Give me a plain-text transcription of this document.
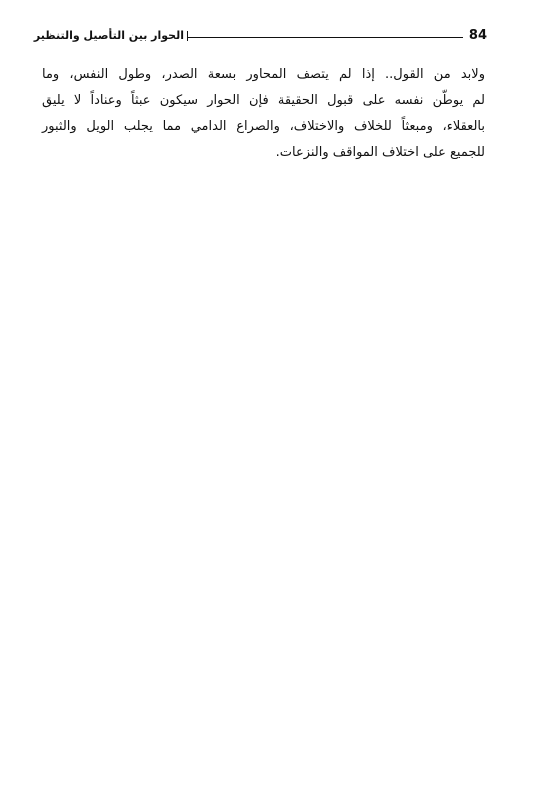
الحوار بين التأصيل والتنظير	84
ولابد من القول.. إذا لم يتصف المحاور بسعة الصدر، وطول النفس، وما
لم يوطّن نفسه على قبول الحقيقة فإن الحوار سيكون عبثاً وعناداً لا يليق
بالعقلاء، ومبعثاً للخلاف والاختلاف، والصراع الدامي مما يجلب الويل والثبور
للجميع على اختلاف المواقف والنزعات.
